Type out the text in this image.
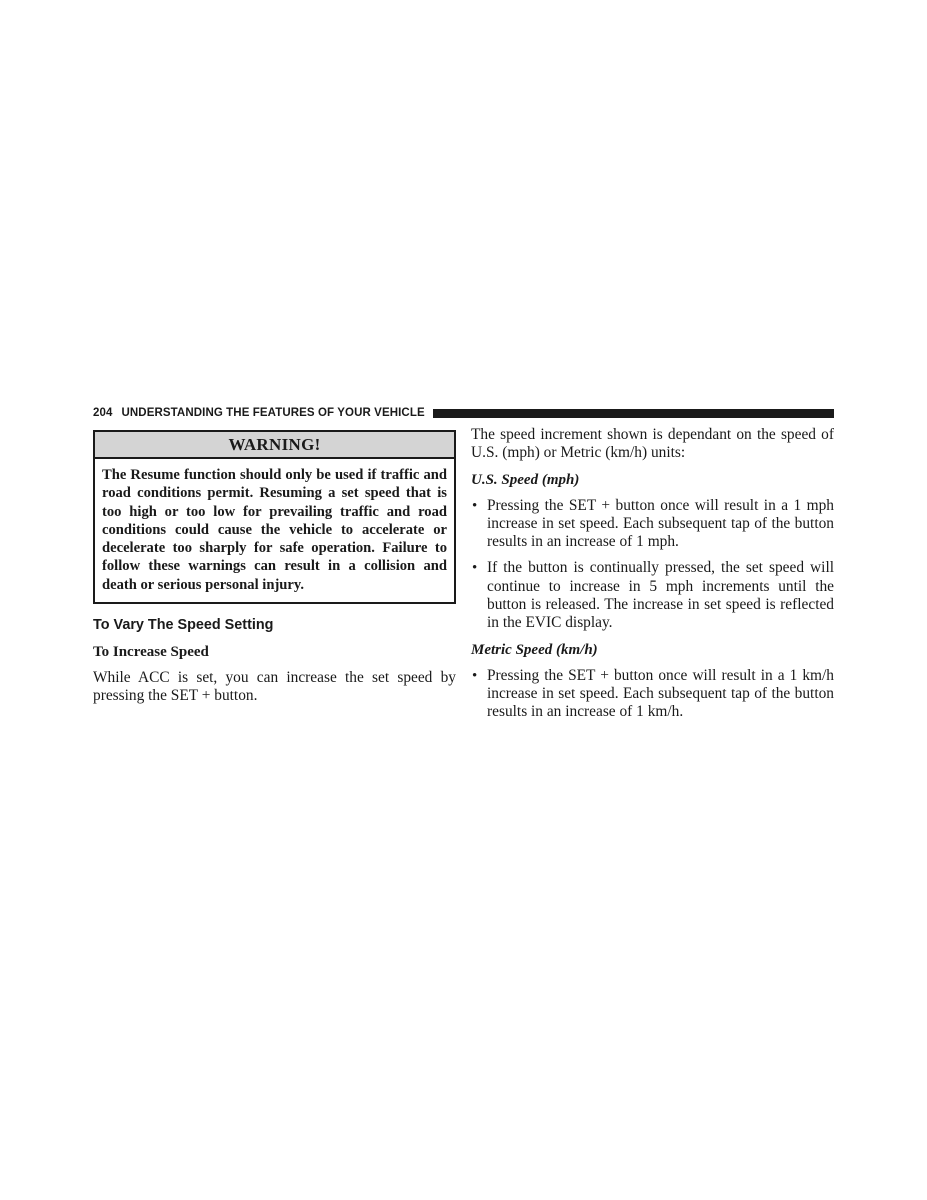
204 UNDERSTANDING THE FEATURES OF YOUR VEHICLE
WARNING!
The Resume function should only be used if traffic and road conditions permit. Resuming a set speed that is too high or too low for prevailing traffic and road conditions could cause the vehicle to accelerate or decelerate too sharply for safe operation. Failure to follow these warnings can result in a collision and death or serious personal injury.
To Vary The Speed Setting
To Increase Speed

While ACC is set, you can increase the set speed by pressing the SET + button.

The speed increment shown is dependant on the speed of U.S. (mph) or Metric (km/h) units:

U.S. Speed (mph)
• Pressing the SET + button once will result in a 1 mph increase in set speed. Each subsequent tap of the button results in an increase of 1 mph.
• If the button is continually pressed, the set speed will continue to increase in 5 mph increments until the button is released. The increase in set speed is reflected in the EVIC display.
Metric Speed (km/h)
• Pressing the SET + button once will result in a 1 km/h increase in set speed. Each subsequent tap of the button results in an increase of 1 km/h.
